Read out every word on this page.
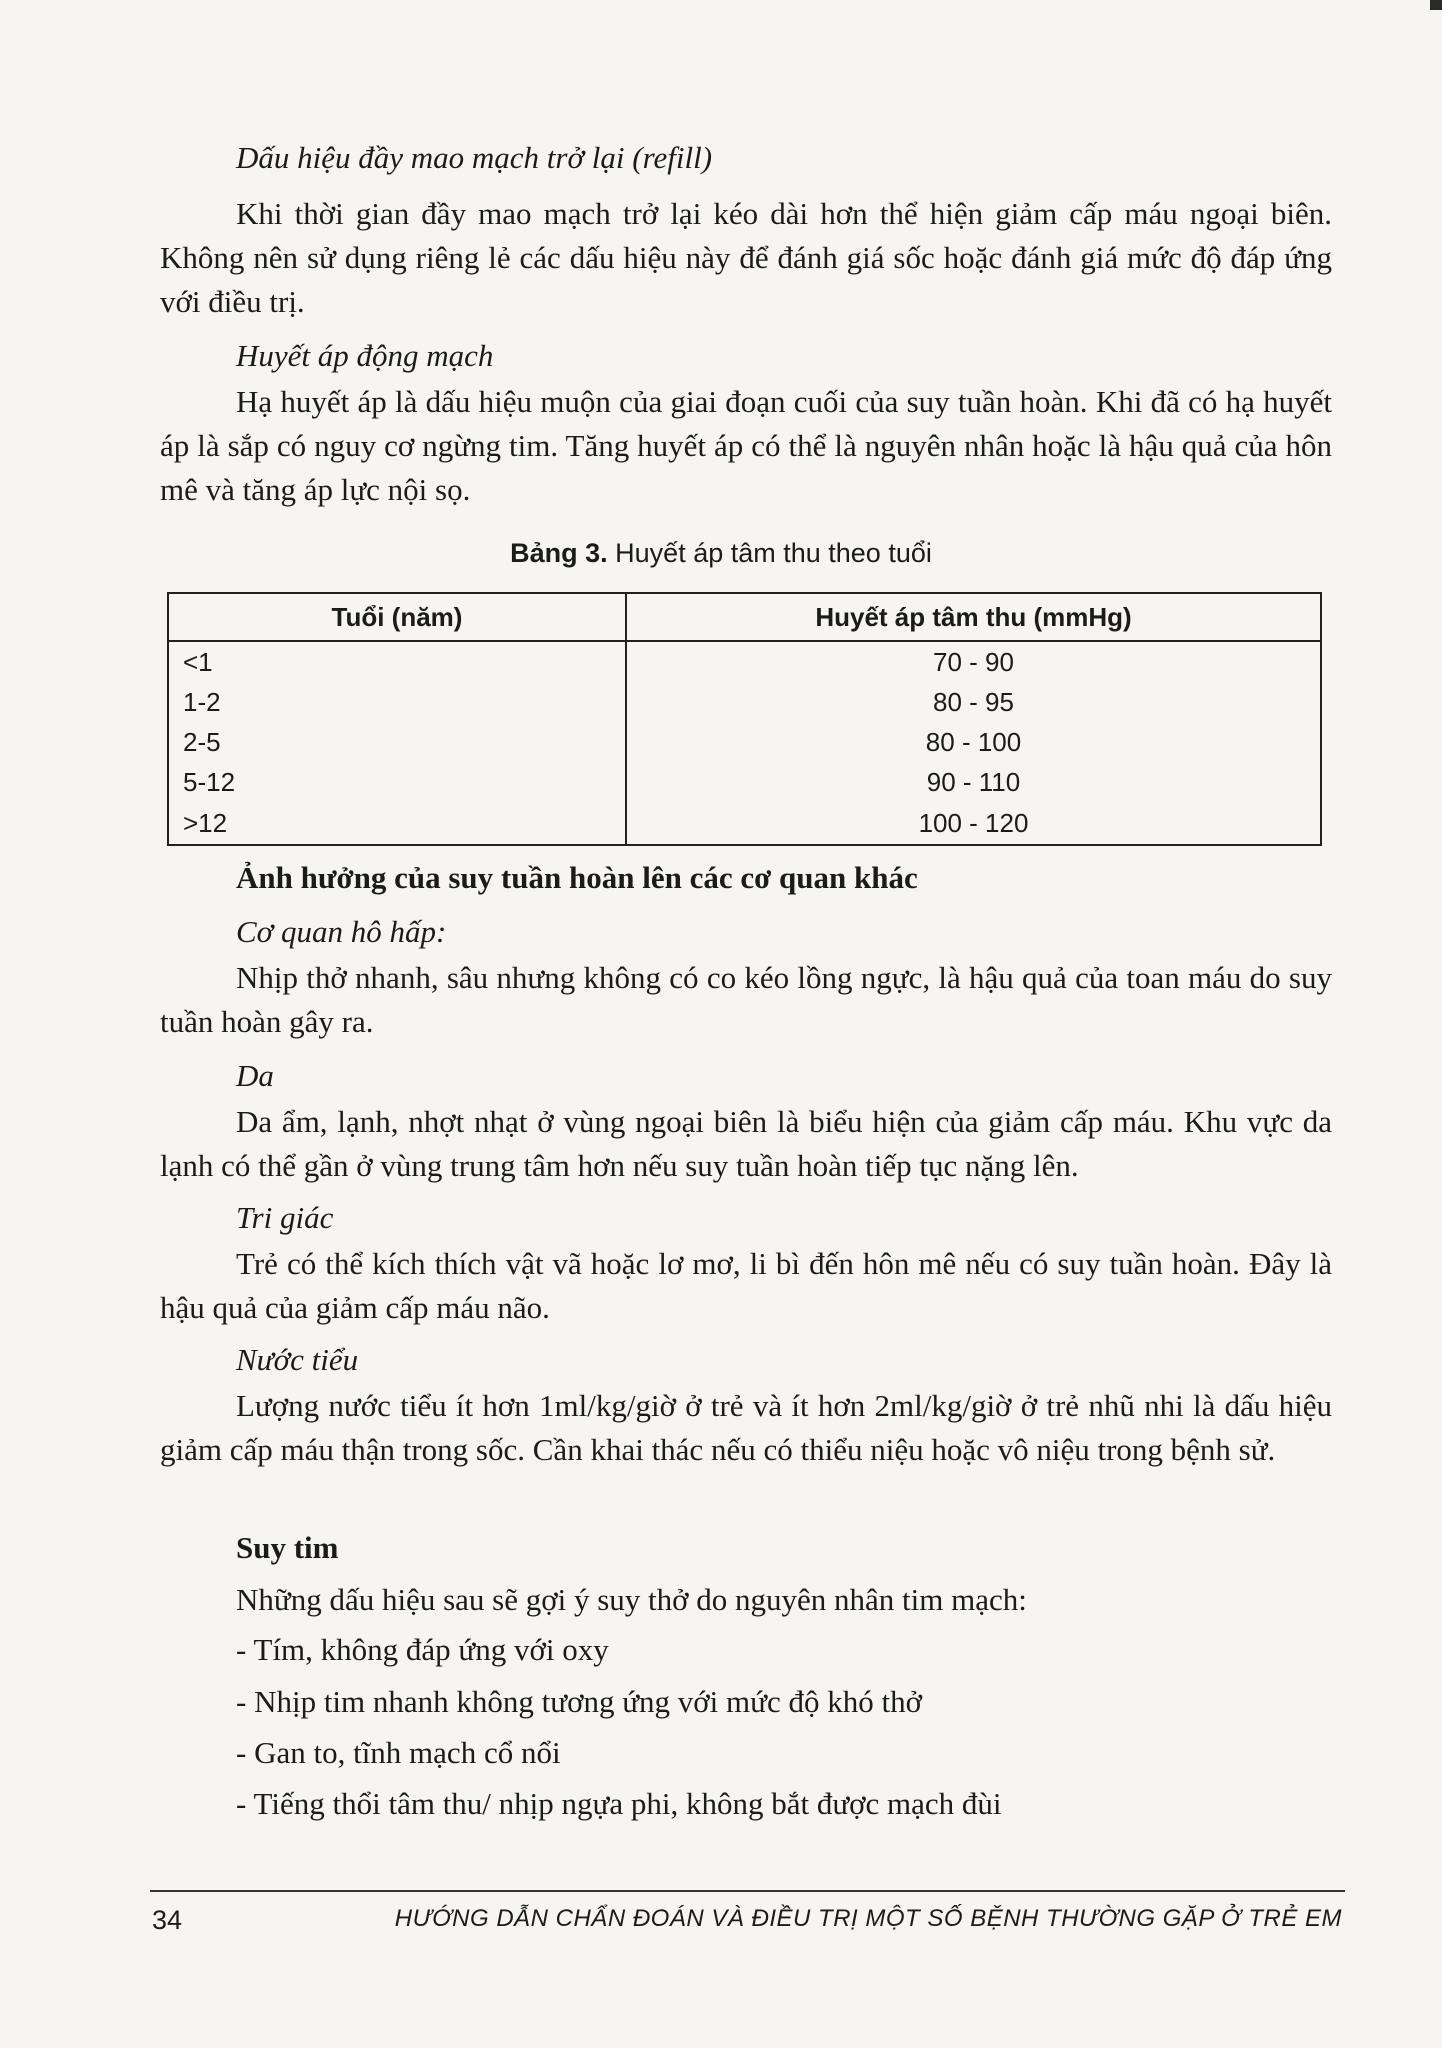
Dấu hiệu đầy mao mạch trở lại (refill)

Khi thời gian đầy mao mạch trở lại kéo dài hơn thể hiện giảm cấp máu ngoại biên. Không nên sử dụng riêng lẻ các dấu hiệu này để đánh giá sốc hoặc đánh giá mức độ đáp ứng với điều trị.

Huyết áp động mạch

Hạ huyết áp là dấu hiệu muộn của giai đoạn cuối của suy tuần hoàn. Khi đã có hạ huyết áp là sắp có nguy cơ ngừng tim. Tăng huyết áp có thể là nguyên nhân hoặc là hậu quả của hôn mê và tăng áp lực nội sọ.

Bảng 3. Huyết áp tâm thu theo tuổi
Tuổi (năm)	Huyết áp tâm thu (mmHg)
<1	70 - 90
1-2	80 - 95
2-5	80 - 100
5-12	90 - 110
>12	100 - 120

Ảnh hưởng của suy tuần hoàn lên các cơ quan khác

Cơ quan hô hấp:

Nhịp thở nhanh, sâu nhưng không có co kéo lồng ngực, là hậu quả của toan máu do suy tuần hoàn gây ra.

Da

Da ẩm, lạnh, nhợt nhạt ở vùng ngoại biên là biểu hiện của giảm cấp máu. Khu vực da lạnh có thể gần ở vùng trung tâm hơn nếu suy tuần hoàn tiếp tục nặng lên.

Tri giác

Trẻ có thể kích thích vật vã hoặc lơ mơ, li bì đến hôn mê nếu có suy tuần hoàn. Đây là hậu quả của giảm cấp máu não.

Nước tiểu

Lượng nước tiểu ít hơn 1ml/kg/giờ ở trẻ và ít hơn 2ml/kg/giờ ở trẻ nhũ nhi là dấu hiệu giảm cấp máu thận trong sốc. Cần khai thác nếu có thiểu niệu hoặc vô niệu trong bệnh sử.

Suy tim

Những dấu hiệu sau sẽ gợi ý suy thở do nguyên nhân tim mạch:

- Tím, không đáp ứng với oxy

- Nhịp tim nhanh không tương ứng với mức độ khó thở

- Gan to, tĩnh mạch cổ nổi

- Tiếng thổi tâm thu/ nhịp ngựa phi, không bắt được mạch đùi

34	HƯỚNG DẪN CHẨN ĐOÁN VÀ ĐIỀU TRỊ MỘT SỐ BỆNH THƯỜNG GẶP Ở TRẺ EM
